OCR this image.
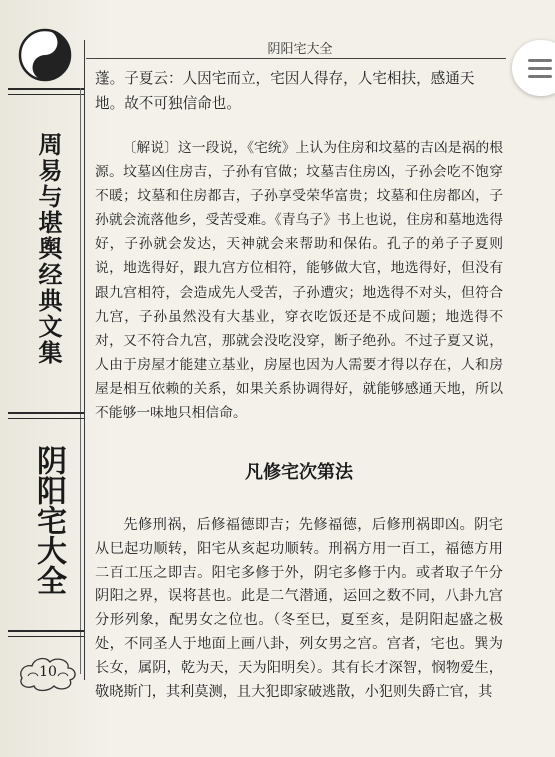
周易与堪舆经典文集
阴阳宅大全
10
阴阳宅大全
蓬。子夏云：人因宅而立，宅因人得存，人宅相扶，感通天地。故不可独信命也。
〔解说〕这一段说，《宅统》上认为住房和坟墓的吉凶是祸的根源。坟墓凶住房吉，子孙有官做；坟墓吉住房凶，子孙会吃不饱穿不暖；坟墓和住房都吉，子孙享受荣华富贵；坟墓和住房都凶，子孙就会流落他乡，受苦受难。《青乌子》书上也说，住房和墓地选得好，子孙就会发达，天神就会来帮助和保佑。孔子的弟子子夏则说，地选得好，跟九宫方位相符，能够做大官，地选得好，但没有跟九宫相符，会造成先人受苦，子孙遭灾；地选得不对头，但符合九宫，子孙虽然没有大基业，穿衣吃饭还是不成问题；地选得不对，又不符合九宫，那就会没吃没穿，断子绝孙。不过子夏又说，人由于房屋才能建立基业，房屋也因为人需要才得以存在，人和房屋是相互依赖的关系，如果关系协调得好，就能够感通天地，所以不能够一味地只相信命。
凡修宅次第法
先修刑祸，后修福德即吉；先修福德，后修刑祸即凶。阴宅从巳起功顺转，阳宅从亥起功顺转。刑祸方用一百工，福德方用二百工压之即吉。阳宅多修于外，阴宅多修于内。或者取子午分阴阳之界，误将甚也。此是二气潜通，运回之数不同，八卦九宫分形列象，配男女之位也。（冬至巳，夏至亥，是阴阳起盛之极处，不同圣人于地面上画八卦，列女男之宫。宫者，宅也。巽为长女，属阴，乾为天，天为阳明矣）。其有长才深智，悯物爱生，敬晓斯门，其利莫测，且大犯即家破逃散，小犯则失爵亡官，其
